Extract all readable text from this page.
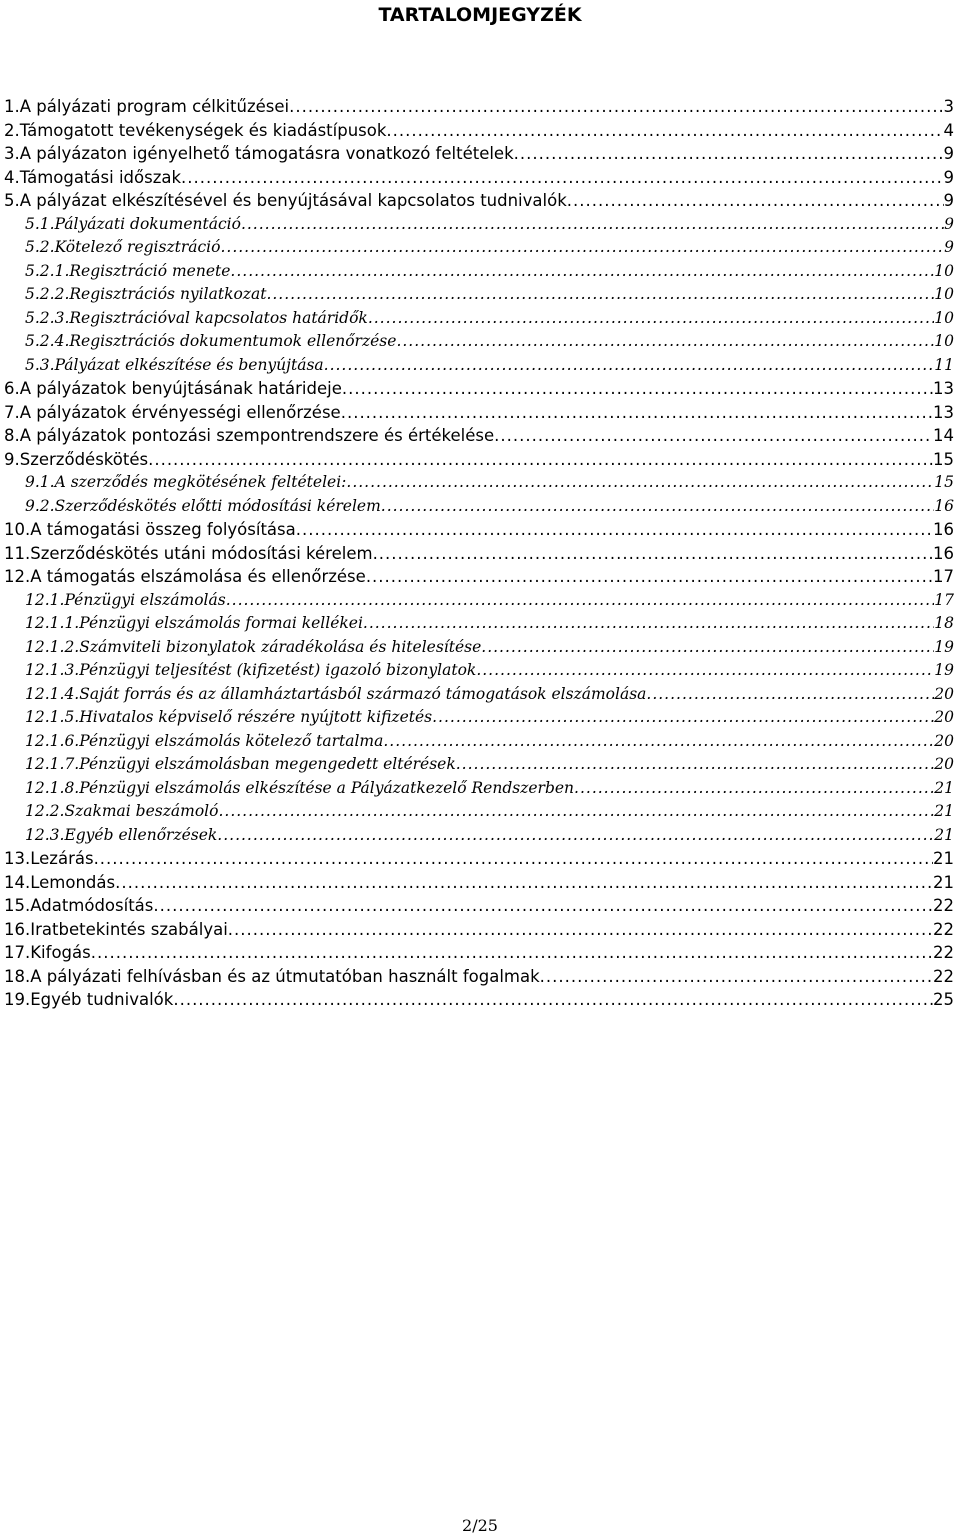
TARTALOMJEGYZÉK
1.A pályázati program célkitűzései .....	3
2.Támogatott tevékenységek és kiadástípusok .....	4
3.A pályázaton igényelhető támogatásra vonatkozó feltételek .....	9
4.Támogatási időszak .....	9
5.A pályázat elkészítésével és benyújtásával kapcsolatos tudnivalók .....	9
5.1.Pályázati dokumentáció .....	9
5.2.Kötelező regisztráció .....	9
5.2.1.Regisztráció menete .....	10
5.2.2.Regisztrációs nyilatkozat .....	10
5.2.3.Regisztrációval kapcsolatos határidők .....	10
5.2.4.Regisztrációs dokumentumok ellenőrzése .....	10
5.3.Pályázat elkészítése és benyújtása .....	11
6.A pályázatok benyújtásának határideje .....	13
7.A pályázatok érvényességi ellenőrzése .....	13
8.A pályázatok pontozási szempontrendszere és értékelése .....	14
9.Szerződéskötés .....	15
9.1.A szerződés megkötésének feltételei: .....	15
9.2.Szerződéskötés előtti módosítási kérelem .....	16
10.A támogatási összeg folyósítása .....	16
11.Szerződéskötés utáni módosítási kérelem .....	16
12.A támogatás elszámolása és ellenőrzése .....	17
12.1.Pénzügyi elszámolás .....	17
12.1.1.Pénzügyi elszámolás formai kellékei .....	18
12.1.2.Számviteli bizonylatok záradékolása és hitelesítése .....	19
12.1.3.Pénzügyi teljesítést (kifizetést) igazoló bizonylatok .....	19
12.1.4.Saját forrás és az államháztartásból származó támogatások elszámolása .....	20
12.1.5.Hivatalos képviselő részére nyújtott kifizetés .....	20
12.1.6.Pénzügyi elszámolás kötelező tartalma .....	20
12.1.7.Pénzügyi elszámolásban megengedett eltérések .....	20
12.1.8.Pénzügyi elszámolás elkészítése a Pályázatkezelő Rendszerben .....	21
12.2.Szakmai beszámoló .....	21
12.3.Egyéb ellenőrzések .....	21
13.Lezárás .....	21
14.Lemondás .....	21
15.Adatmódosítás .....	22
16.Iratbetekintés szabályai .....	22
17.Kifogás .....	22
18.A pályázati felhívásban és az útmutatóban használt fogalmak .....	22
19.Egyéb tudnivalók .....	25
2/25
